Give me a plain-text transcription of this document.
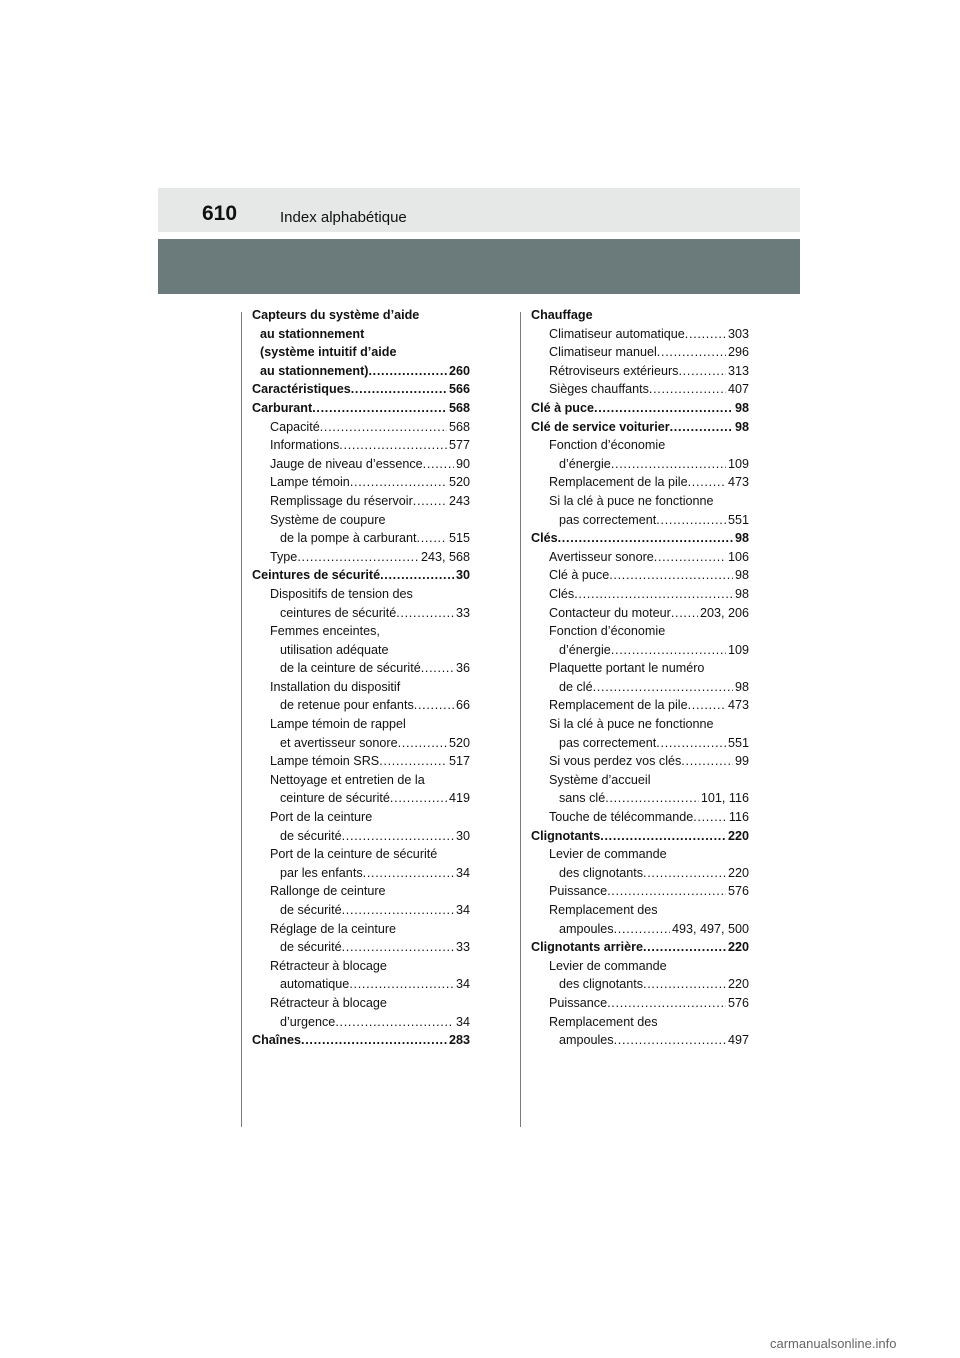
610	Index alphabétique
Capteurs du système d’aide
au stationnement
(système intuitif d’aide
au stationnement) . . .	260
Caractéristiques . . .	566
Carburant . . .	568
Capacité . . .	568
Informations . . .	577
Jauge de niveau d’essence . . .	90
Lampe témoin . . .	520
Remplissage du réservoir . . .	243
Système de coupure
de la pompe à carburant . . .	515
Type . . .	243, 568
Ceintures de sécurité . . .	30
Dispositifs de tension des
ceintures de sécurité . . .	33
Femmes enceintes,
utilisation adéquate
de la ceinture de sécurité . . .	36
Installation du dispositif
de retenue pour enfants . . .	66
Lampe témoin de rappel
et avertisseur sonore . . .	520
Lampe témoin SRS . . .	517
Nettoyage et entretien de la
ceinture de sécurité . . .	419
Port de la ceinture
de sécurité . . .	30
Port de la ceinture de sécurité
par les enfants . . .	34
Rallonge de ceinture
de sécurité . . .	34
Réglage de la ceinture
de sécurité . . .	33
Rétracteur à blocage
automatique . . .	34
Rétracteur à blocage
d’urgence . . .	34
Chaînes . . .	283
Chauffage
Climatiseur automatique . . .	303
Climatiseur manuel . . .	296
Rétroviseurs extérieurs . . .	313
Sièges chauffants . . .	407
Clé à puce . . .	98
Clé de service voiturier . . .	98
Fonction d’économie
d’énergie . . .	109
Remplacement de la pile . . .	473
Si la clé à puce ne fonctionne
pas correctement . . .	551
Clés . . .	98
Avertisseur sonore . . .	106
Clé à puce . . .	98
Clés . . .	98
Contacteur du moteur . . . 203, 206
Fonction d’économie
d’énergie . . .	109
Plaquette portant le numéro
de clé . . .	98
Remplacement de la pile . . .	473
Si la clé à puce ne fonctionne
pas correctement . . .	551
Si vous perdez vos clés . . .	99
Système d’accueil
sans clé . . .	101, 116
Touche de télécommande . . .	116
Clignotants . . .	220
Levier de commande
des clignotants . . .	220
Puissance . . .	576
Remplacement des
ampoules . . .	493, 497, 500
Clignotants arrière . . .	220
Levier de commande
des clignotants . . .	220
Puissance . . .	576
Remplacement des
ampoules . . .	497
carmanualsonline.info
